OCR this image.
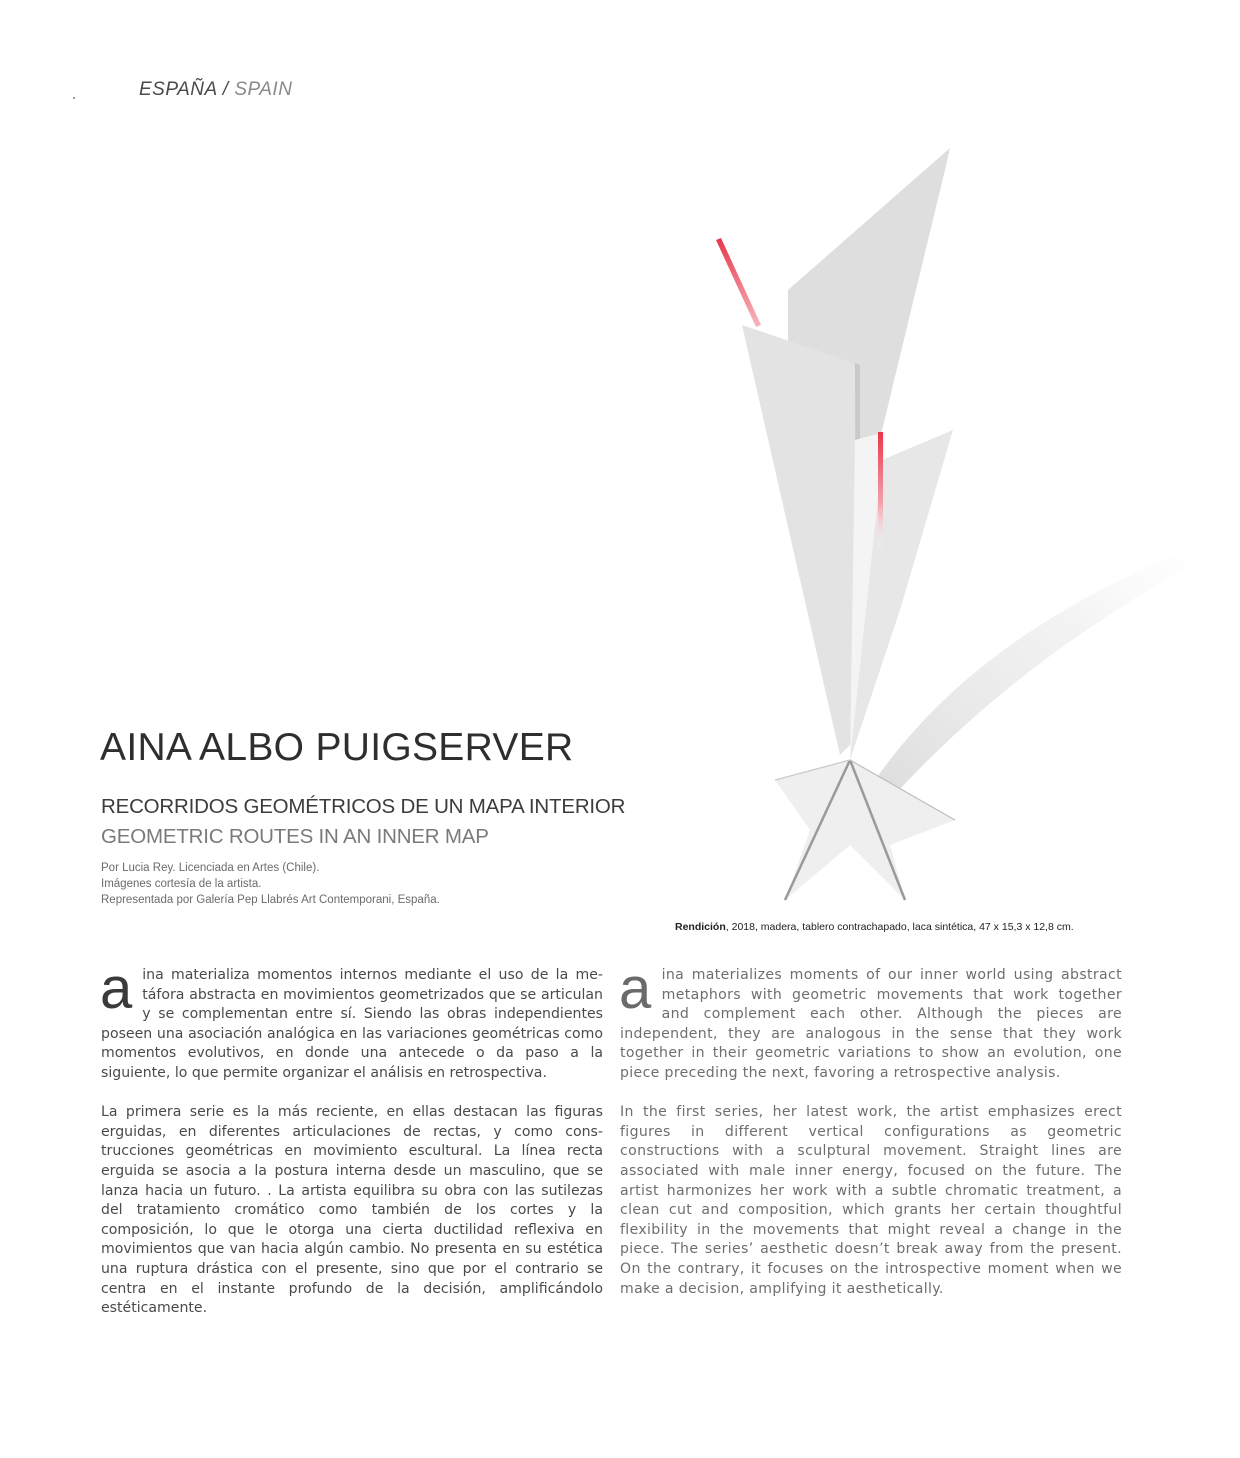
ESPAÑA / SPAIN
AINA ALBO PUIGSERVER
RECORRIDOS GEOMÉTRICOS DE UN MAPA INTERIOR
GEOMETRIC ROUTES IN AN INNER MAP
Por Lucia Rey. Licenciada en Artes (Chile).
Imágenes cortesía de la artista.
Representada por Galería Pep Llabrés Art Contemporani, España.
Rendición, 2018, madera, tablero contrachapado, laca sintética, 47 x 15,3 x 12,8 cm.

aina materializa momentos internos mediante el uso de la metáfora abstracta en movimientos geometrizados que se articulan y se complementan entre sí. Siendo las obras independientes poseen una asociación analógica en las variaciones geométricas como momentos evolutivos, en donde una antecede o da paso a la siguiente, lo que permite organizar el análisis en retrospectiva.

La primera serie es la más reciente, en ellas destacan las figuras erguidas, en diferentes articulaciones de rectas, y como construcciones geométricas en movimiento escultural. La línea recta erguida se asocia a la postura interna desde un masculino, que se lanza hacia un futuro. . La artista equilibra su obra con las sutilezas del tratamiento cromático como también de los cortes y la composición, lo que le otorga una cierta ductilidad reflexiva en movimientos que van hacia algún cambio. No presenta en su estética una ruptura drástica con el presente, sino que por el contrario se centra en el instante profundo de la decisión, amplificándolo estéticamente.

aina materializes moments of our inner world using abstract metaphors with geometric movements that work together and complement each other. Although the pieces are independent, they are analogous in the sense that they work together in their geometric variations to show an evolution, one piece preceding the next, favoring a retrospective analysis.

In the first series, her latest work, the artist emphasizes erect figures in different vertical configurations as geometric constructions with a sculptural movement. Straight lines are associated with male inner energy, focused on the future. The artist harmonizes her work with a subtle chromatic treatment, a clean cut and composition, which grants her certain thoughtful flexibility in the movements that might reveal a change in the piece. The series’ aesthetic doesn’t break away from the present. On the contrary, it focuses on the introspective moment when we make a decision, amplifying it aesthetically.
